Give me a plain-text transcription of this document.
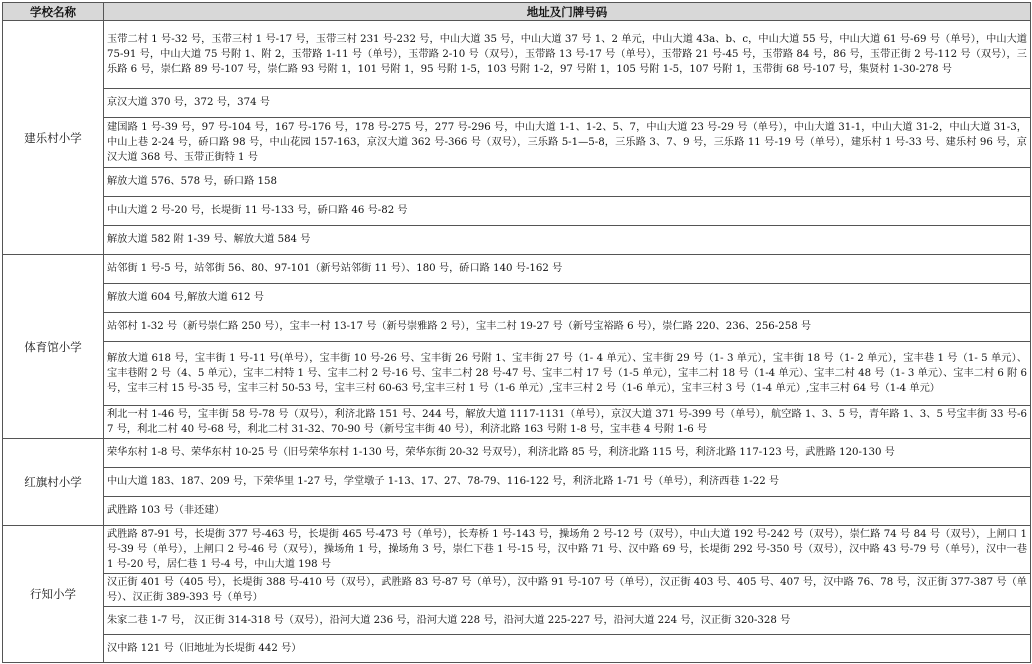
学校名称	地址及门牌号码
建乐村小学	玉带二村 1 号-32 号，玉带三村 1 号-17 号，玉带三村 231 号-232 号，中山大道 35 号，中山大道 37 号 1、2 单元，中山大道 43a、b、c，中山大道 55 号，中山大道 61 号-69 号（单号），中山大道 75-91 号，中山大道 75 号附 1、附 2，玉带路 1-11 号（单号），玉带路 2-10 号（双号），玉带路 13 号-17 号（单号），玉带路 21 号-45 号，玉带路 84 号，86 号，玉带正街 2 号-112 号（双号），三乐路 6 号，崇仁路 89 号-107 号，崇仁路 93 号附 1，101 号附 1，95 号附 1-5，103 号附 1-2，97 号附 1，105 号附 1-5，107 号附 1，玉带街 68 号-107 号，集贤村 1-30-278 号
	京汉大道 370 号，372 号，374 号
	建国路 1 号-39 号，97 号-104 号，167 号-176 号，178 号-275 号，277 号-296 号，中山大道 1-1、1-2、5、7，中山大道 23 号-29 号（单号），中山大道 31-1，中山大道 31-2，中山大道 31-3，中山上巷 2-24 号，硚口路 98 号，中山花园 157-163，京汉大道 362 号-366 号（双号），三乐路 5-1—5-8，三乐路 3、7、9 号，三乐路 11 号-19 号（单号），建乐村 1 号-33 号、建乐村 96 号，京汉大道 368 号、玉带正街特 1 号
	解放大道 576、578 号，硚口路 158
	中山大道 2 号-20 号，长堤街 11 号-133 号，硚口路 46 号-82 号
	解放大道 582 附 1-39 号、解放大道 584 号
体育馆小学	站邻街 1 号-5 号，站邻街 56、80、97-101（新号站邻街 11 号）、180 号，硚口路 140 号-162 号
	解放大道 604 号,解放大道 612 号
	站邻村 1-32 号（新号崇仁路 250 号），宝丰一村 13-17 号（新号崇雅路 2 号），宝丰二村 19-27 号（新号宝裕路 6 号），崇仁路 220、236、256-258 号
	解放大道 618 号，宝丰街 1 号-11 号(单号），宝丰街 10 号-26 号、宝丰街 26 号附 1、宝丰街 27 号（1- 4 单元）、宝丰街 29 号（1- 3 单元），宝丰街 18 号（1- 2 单元），宝丰巷 1 号（1- 5 单元）、宝丰巷附 2 号（4、5 单元），宝丰二村特 1 号、宝丰二村 2 号-16 号、宝丰二村 28 号-47 号、宝丰二村 17 号（1-5 单元），宝丰二村 18 号（1-4 单元）、宝丰二村 48 号（1- 3 单元）、宝丰二村 6 附 6 号，宝丰三村 15 号-35 号，宝丰三村 50-53 号，宝丰三村 60-63 号,宝丰三村 1 号（1-6 单元）,宝丰三村 2 号（1-6 单元），宝丰三村 3 号（1-4 单元）,宝丰三村 64 号（1-4 单元）
	利北一村 1-46 号，宝丰街 58 号-78 号（双号），利济北路 151 号、244 号，解放大道 1117-1131（单号），京汉大道 371 号-399 号（单号），航空路 1、3、5 号，青年路 1、3、5 号宝丰街 33 号-67 号，利北二村 40 号-68 号，利北二村 31-32、70-90 号（新号宝丰街 40 号），利济北路 163 号附 1-8 号，宝丰巷 4 号附 1-6 号
红旗村小学	荣华东村 1-8 号、荣华东村 10-25 号（旧号荣华东村 1-130 号，荣华东街 20-32 号双号），利济北路 85 号，利济北路 115 号，利济北路 117-123 号，武胜路 120-130 号
	中山大道 183、187、209 号，下荣华里 1-27 号，学堂墩子 1-13、17、27、78-79、116-122 号，利济北路 1-71 号（单号），利济西巷 1-22 号
	武胜路 103 号（非还建）
行知小学	武胜路 87-91 号，长堤街 377 号-463 号，长堤街 465 号-473 号（单号），长寿桥 1 号-143 号，操场角 2 号-12 号（双号），中山大道 192 号-242 号（双号），崇仁路 74 号 84 号（双号），上闸口 1 号-39 号（单号），上闸口 2 号-46 号（双号），操场角 1 号，操场角 3 号，崇仁下巷 1 号-15 号，汉中路 71 号、汉中路 69 号，长堤街 292 号-350 号（双号），汉中路 43 号-79 号（单号），汉中一巷 1 号-20 号，居仁巷 1 号-4 号，中山大道 198 号
	汉正街 401 号（405 号），长堤街 388 号-410 号（双号），武胜路 83 号-87 号（单号），汉中路 91 号-107 号（单号），汉正街 403 号、405 号、407 号，汉中路 76、78 号，汉正街 377-387 号（单号）、汉正街 389-393 号（单号）
	朱家二巷 1-7 号， 汉正街 314-318 号（双号），沿河大道 236 号，沿河大道 228 号，沿河大道 225-227 号，沿河大道 224 号，汉正街 320-328 号
	汉中路 121 号（旧地址为长堤街 442 号）
